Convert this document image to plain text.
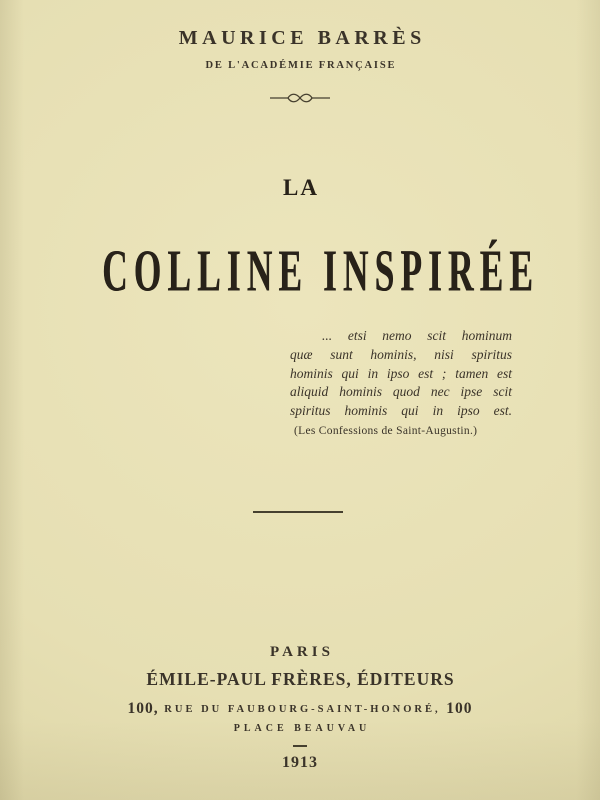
MAURICE BARRÈS
DE L'ACADÉMIE FRANÇAISE
LA
COLLINE INSPIRÉE
... etsi nemo scit hominum
quæ sunt hominis, nisi spiritus
hominis qui in ipso est ; tamen est
aliquid hominis quod nec ipse scit
spiritus hominis qui in ipso est.
(Les Confessions de Saint-Augustin.)
PARIS
ÉMILE-PAUL FRÈRES, ÉDITEURS
100, RUE DU FAUBOURG-SAINT-HONORÉ, 100
PLACE BEAUVAU
1913
